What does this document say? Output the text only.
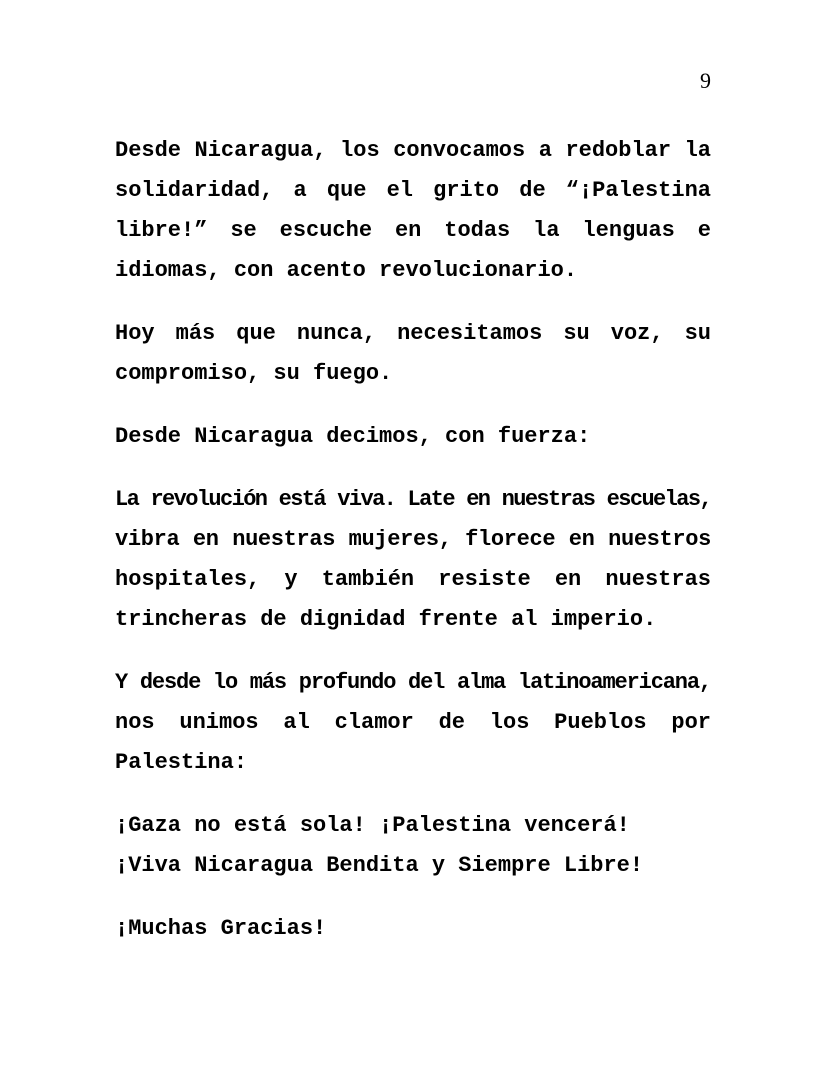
9
Desde Nicaragua, los convocamos a redoblar la
solidaridad, a que el grito de “¡Palestina
libre!” se escuche en todas la lenguas e
idiomas, con acento revolucionario.
Hoy más que nunca, necesitamos su voz, su
compromiso, su fuego.
Desde Nicaragua decimos, con fuerza:
La revolución está viva. Late en nuestras escuelas,
vibra en nuestras mujeres, florece en nuestros
hospitales, y también resiste en nuestras
trincheras de dignidad frente al imperio.
Y desde lo más profundo del alma latinoamericana,
nos unimos al clamor de los Pueblos por
Palestina:
¡Gaza no está sola! ¡Palestina vencerá!
¡Viva Nicaragua Bendita y Siempre Libre!
¡Muchas Gracias!
